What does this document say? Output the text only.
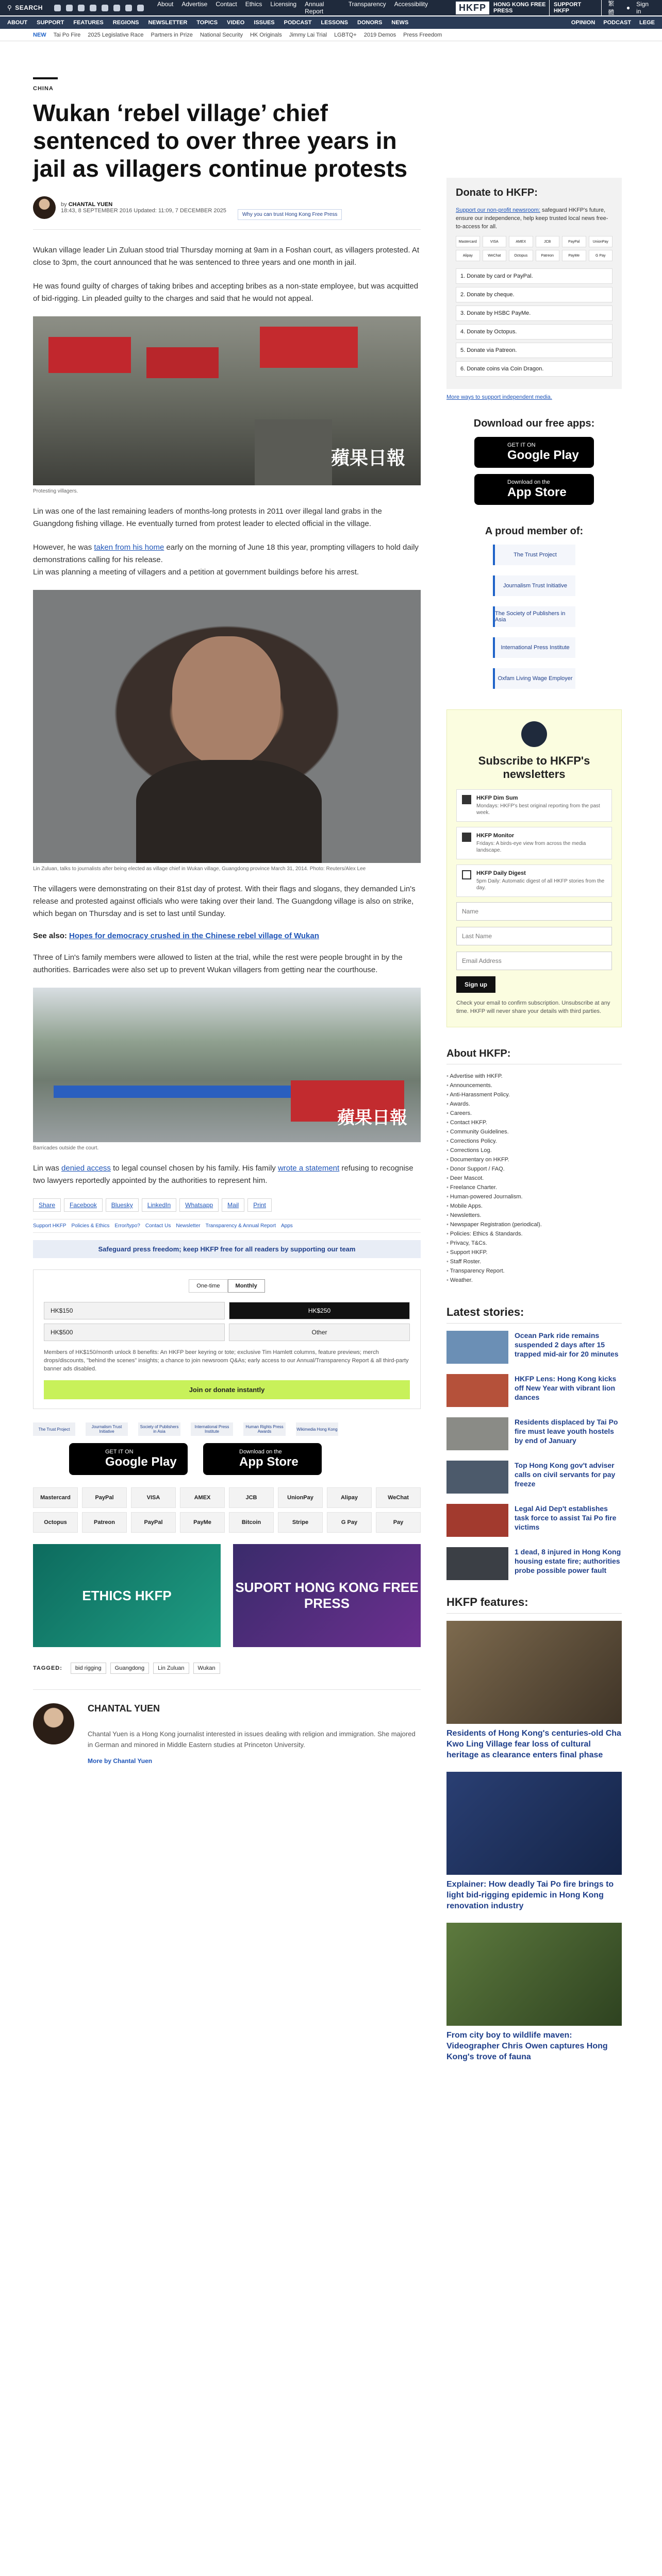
⚲ SEARCH	About Advertise Contact Ethics Licensing Annual Report
Transparency Accessibility	HKFP	HONG KONG FREE PRESS
SUPPORT HKFP
繁體
● Sign in
ABOUT SUPPORT FEATURES REGIONS NEWSLETTER TOPICS VIDEO ISSUES PODCAST LESSONS DONORS NEWS	OPINION PODCAST LEGE
NEW Tai Po Fire 2025 Legislative Race Partners in Prize National Security HK Originals Jimmy Lai Trial LGBTQ+ 2019 Demos Press Freedom
CHINA
Wukan ‘rebel village’ chief sentenced to over three years in jail as villagers continue protests
by CHANTAL YUEN
18:43, 8 SEPTEMBER 2016 Updated: 11:09, 7 DECEMBER 2025
Why you can trust Hong Kong Free Press

Wukan village leader Lin Zuluan stood trial Thursday morning at 9am in a Foshan court, as villagers protested. At close to 3pm, the court announced that he was sentenced to three years and one month in jail.

He was found guilty of charges of taking bribes and accepting bribes as a non-state employee, but was acquitted of bid-rigging. Lin pleaded guilty to the charges and said that he would not appeal.

蘋果日報
Protesting villagers.

Lin was one of the last remaining leaders of months-long protests in 2011 over illegal land grabs in the Guangdong fishing village. He eventually turned from protest leader to elected official in the village.

However, he was taken from his home early on the morning of June 18 this year, prompting villagers to hold daily demonstrations calling for his release.
Lin was planning a meeting of villagers and a petition at government buildings before his arrest.

Lin Zuluan, talks to journalists after being elected as village chief in Wukan village, Guangdong province March 31, 2014. Photo: Reuters/Alex Lee

The villagers were demonstrating on their 81st day of protest. With their flags and slogans, they demanded Lin's release and protested against officials who were taking over their land. The Guangdong village is also on strike, which began on Thursday and is set to last until Sunday.

See also: Hopes for democracy crushed in the Chinese rebel village of Wukan

Three of Lin's family members were allowed to listen at the trial, while the rest were people brought in by the authorities. Barricades were also set up to prevent Wukan villagers from getting near the courthouse.

蘋果日報
Barricades outside the court.

Lin was denied access to legal counsel chosen by his family. His family wrote a statement refusing to recognise two lawyers reportedly appointed by the authorities to represent him.

Share	Facebook	Bluesky	LinkedIn	Whatsapp	Mail	Print
Support HKFP Policies & Ethics Error/typo? Contact Us Newsletter Transparency & Annual Report Apps
Safeguard press freedom; keep HKFP free for all readers by supporting our team
One-time	Monthly
HK$150	HK$250
HK$500	Other
Members of HK$150/month unlock 8 benefits: An HKFP beer keyring or tote; exclusive Tim Hamlett columns, feature previews; merch drops/discounts, "behind the scenes" insights; a chance to join newsroom Q&As; early access to our Annual/Transparency Report & all third-party banner ads disabled.
Join or donate instantly
The Trust Project	Journalism Trust Initiative
Society of Publishers in Asia
International Press Institute
Human Rights Press Awards	Wikimedia Hong Kong
GET IT ON
Google Play
Download on the
App Store
Mastercard	PayPal	VISA	AMEX	JCB	UnionPay	Alipay	WeChat
Octopus	Patreon	PayPal	PayMe	Bitcoin	Stripe	G Pay	Pay
ETHICS HKFP
SUPORT HONG KONG FREE PRESS
TAGGED:	bid rigging	Guangdong	Lin Zuluan	Wukan
CHANTAL YUEN
Chantal Yuen is a Hong Kong journalist interested in issues dealing with religion and immigration. She majored in German and minored in Middle Eastern studies at Princeton University.
More by Chantal Yuen
Donate to HKFP:

Support our non-profit newsroom: safeguard HKFP's future, ensure our independence, help keep trusted local news free-to-access for all.

Mastercard	VISA	AMEX	JCB	PayPal	UnionPay
Alipay	WeChat	Octopus	Patreon	PayMe	G Pay
1. Donate by card or PayPal.
2. Donate by cheque.
3. Donate by HSBC PayMe.
4. Donate by Octopus.
5. Donate via Patreon.
6. Donate coins via Coin Dragon.
More ways to support independent media.
Download our free apps:
GET IT ON
Google Play
Download on the
App Store
A proud member of:
The Trust Project
Journalism Trust Initiative
The Society of Publishers in Asia
International Press Institute
Oxfam Living Wage Employer
Subscribe to HKFP's newsletters
HKFP Dim Sum
Mondays: HKFP's best original reporting from the past week.
HKFP Monitor
Fridays: A birds-eye view from across the media landscape.
HKFP Daily Digest
5pm Daily: Automatic digest of all HKFP stories from the day.
Name
Last Name
Email Address
Sign up
Check your email to confirm subscription. Unsubscribe at any time. HKFP will never share your details with third parties.
About HKFP:
• Advertise with HKFP.
• Announcements.
• Anti-Harassment Policy.
• Awards.
• Careers.
• Contact HKFP.
• Community Guidelines.
• Corrections Policy.
• Corrections Log.
• Documentary on HKFP.
• Donor Support / FAQ.
• Deer Mascot.
• Freelance Charter.
• Human-powered Journalism.
• Mobile Apps.
• Newsletters.
• Newspaper Registration (periodical).
• Policies: Ethics & Standards.
• Privacy, T&Cs.
• Support HKFP.
• Staff Roster.
• Transparency Report.
• Weather.
Latest stories:
Ocean Park ride remains suspended 2 days after 15 trapped mid-air for 20 minutes
HKFP Lens: Hong Kong kicks off New Year with vibrant lion dances
Residents displaced by Tai Po fire must leave youth hostels by end of January
Top Hong Kong gov't adviser calls on civil servants for pay freeze
Legal Aid Dep't establishes task force to assist Tai Po fire victims
1 dead, 8 injured in Hong Kong housing estate fire; authorities probe possible power fault
HKFP features:
Residents of Hong Kong's centuries-old Cha Kwo Ling Village fear loss of cultural heritage as clearance enters final phase
Explainer: How deadly Tai Po fire brings to light bid-rigging epidemic in Hong Kong renovation industry
From city boy to wildlife maven: Videographer Chris Owen captures Hong Kong's trove of fauna
